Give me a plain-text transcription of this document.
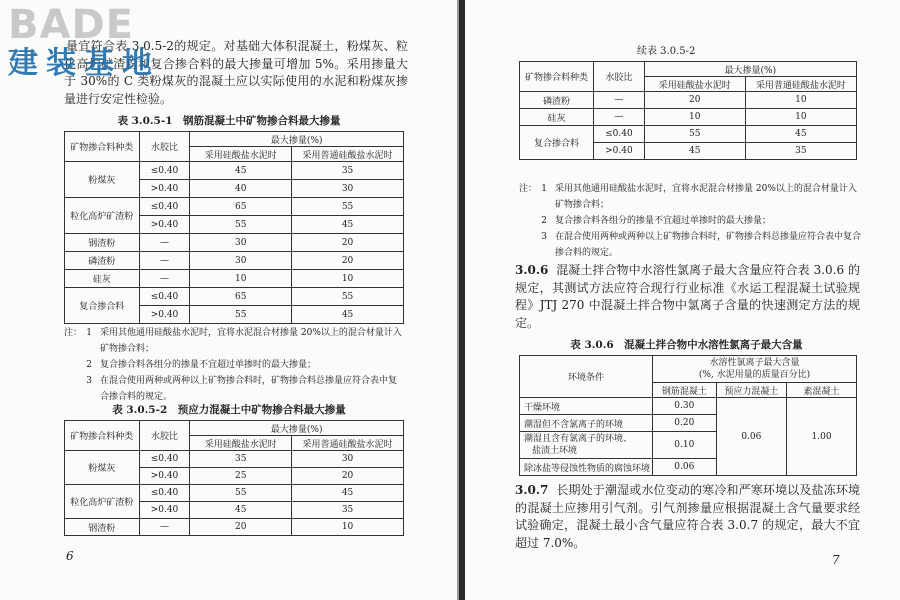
量宜符合表 3.0.5-2的规定。对基础大体积混凝土，粉煤灰、粒化高炉矿渣粉和复合掺合料的最大掺量可增加 5%。采用掺量大于 30%的 C 类粉煤灰的混凝土应以实际使用的水泥和粉煤灰掺量进行安定性检验。
表 3.0.5-1　钢筋混凝土中矿物掺合料最大掺量
矿物掺合料种类	水胶比	最大掺量(%)	
		采用硅酸盐水泥时	采用普通硅酸盐水泥时
粉煤灰	≤0.40	45	35
	>0.40	40	30
粒化高炉矿渣粉	≤0.40	65	55
	>0.40	55	45
钢渣粉	—	30	20
磷渣粉	—	30	20
硅灰	—	10	10
复合掺合料	≤0.40	65	55
	>0.40	55	45
注： 1 采用其他通用硅酸盐水泥时，宜将水泥混合材掺量 20%以上的混合材量计入矿物掺合料；
2 复合掺合料各组分的掺量不宜超过单掺时的最大掺量；
3 在混合使用两种或两种以上矿物掺合料时，矿物掺合料总掺量应符合表中复合掺合料的规定。
表 3.0.5-2　预应力混凝土中矿物掺合料最大掺量
矿物掺合料种类	水胶比	最大掺量(%)	
		采用硅酸盐水泥时	采用普通硅酸盐水泥时
粉煤灰	≤0.40	35	30
	>0.40	25	20
粒化高炉矿渣粉	≤0.40	55	45
	>0.40	45	35
钢渣粉	—	20	10
6
续表 3.0.5-2
矿物掺合料种类	水胶比	最大掺量(%)	
		采用硅酸盐水泥时	采用普通硅酸盐水泥时
磷渣粉	—	20	10
硅灰	—	10	10
复合掺合料	≤0.40	55	45
	>0.40	45	35
注： 1 采用其他通用硅酸盐水泥时，宜将水泥混合材掺量 20%以上的混合材量计入矿物掺合料；
2 复合掺合料各组分的掺量不宜超过单掺时的最大掺量；
3 在混合使用两种或两种以上矿物掺合料时，矿物掺合料总掺量应符合表中复合掺合料的规定。
3.0.6 混凝土拌合物中水溶性氯离子最大含量应符合表 3.0.6 的规定，其测试方法应符合现行行业标准《水运工程混凝土试验规程》JTJ 270 中混凝土拌合物中氯离子含量的快速测定方法的规定。
表 3.0.6　混凝土拌合物中水溶性氯离子最大含量
环境条件	水溶性氯离子最大含量
(%, 水泥用量的质量百分比)		

	钢筋混凝土	预应力混凝土	素混凝土
干燥环境	0.30	0.06	1.00
潮湿但不含氯离子的环境	0.20		

潮湿且含有氯离子的环境、
盐渍土环境	0.10		
除冰盐等侵蚀性物质的腐蚀环境	0.06		
3.0.7 长期处于潮湿或水位变动的寒冷和严寒环境以及盐冻环境的混凝土应掺用引气剂。引气剂掺量应根据混凝土含气量要求经试验确定，混凝土最小含气量应符合表 3.0.7 的规定，最大不宜超过 7.0%。
7
BADE
建装基地
